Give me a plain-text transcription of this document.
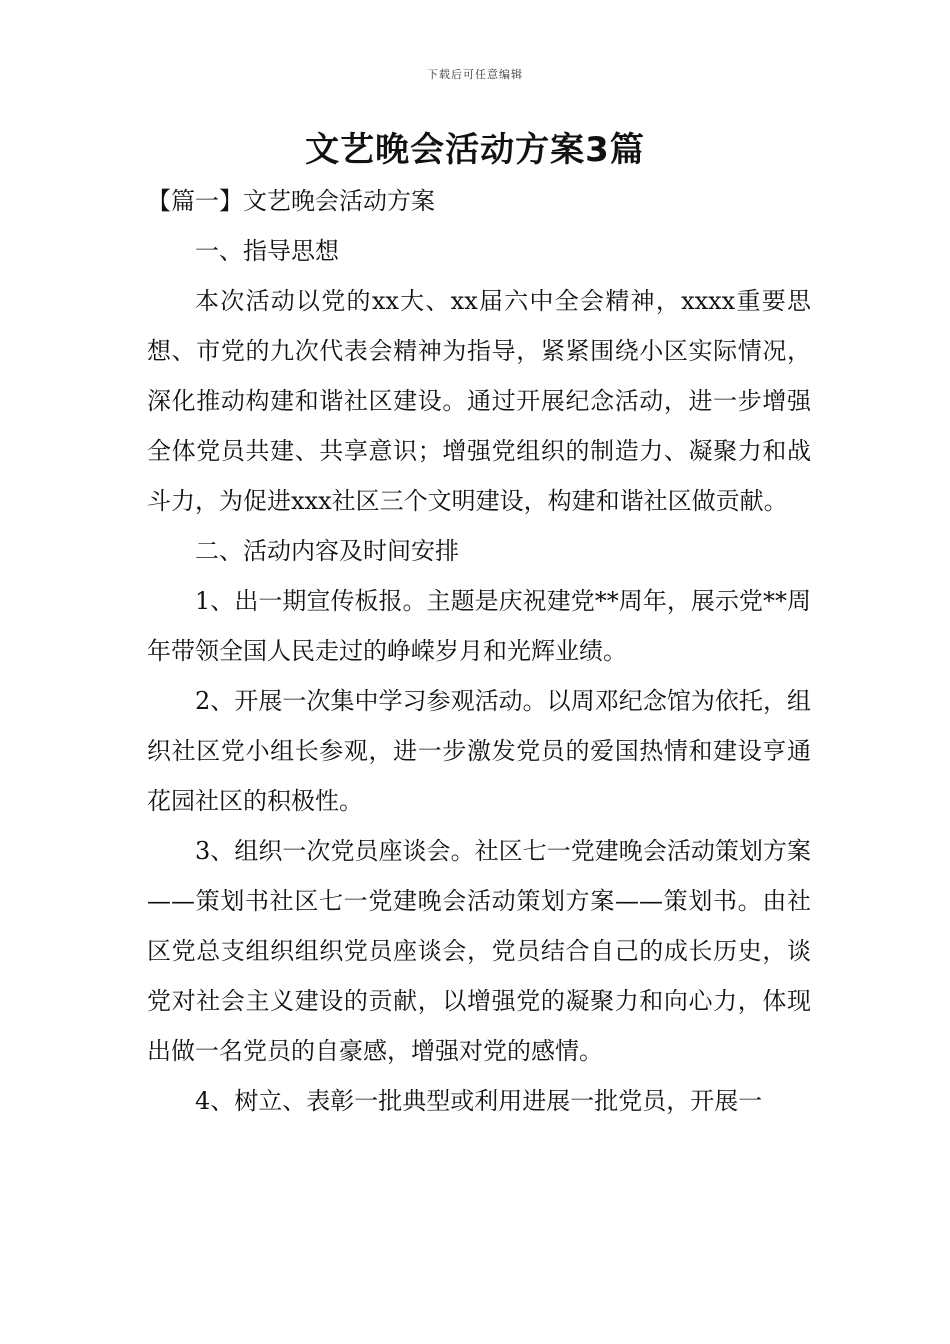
下载后可任意编辑
文艺晚会活动方案3篇

【篇一】文艺晚会活动方案

一、指导思想

本次活动以党的xx大、xx届六中全会精神，xxxx重要思想、市党的九次代表会精神为指导，紧紧围绕小区实际情况，深化推动构建和谐社区建设。通过开展纪念活动，进一步增强全体党员共建、共享意识；增强党组织的制造力、凝聚力和战斗力，为促进xxx社区三个文明建设，构建和谐社区做贡献。

二、活动内容及时间安排

1、出一期宣传板报。主题是庆祝建党**周年，展示党**周年带领全国人民走过的峥嵘岁月和光辉业绩。

2、开展一次集中学习参观活动。以周邓纪念馆为依托，组织社区党小组长参观，进一步激发党员的爱国热情和建设亨通花园社区的积极性。

3、组织一次党员座谈会。社区七一党建晚会活动策划方案——策划书社区七一党建晚会活动策划方案——策划书。由社区党总支组织组织党员座谈会，党员结合自己的成长历史，谈党对社会主义建设的贡献，以增强党的凝聚力和向心力，体现出做一名党员的自豪感，增强对党的感情。

4、树立、表彰一批典型或利用进展一批党员，开展一
